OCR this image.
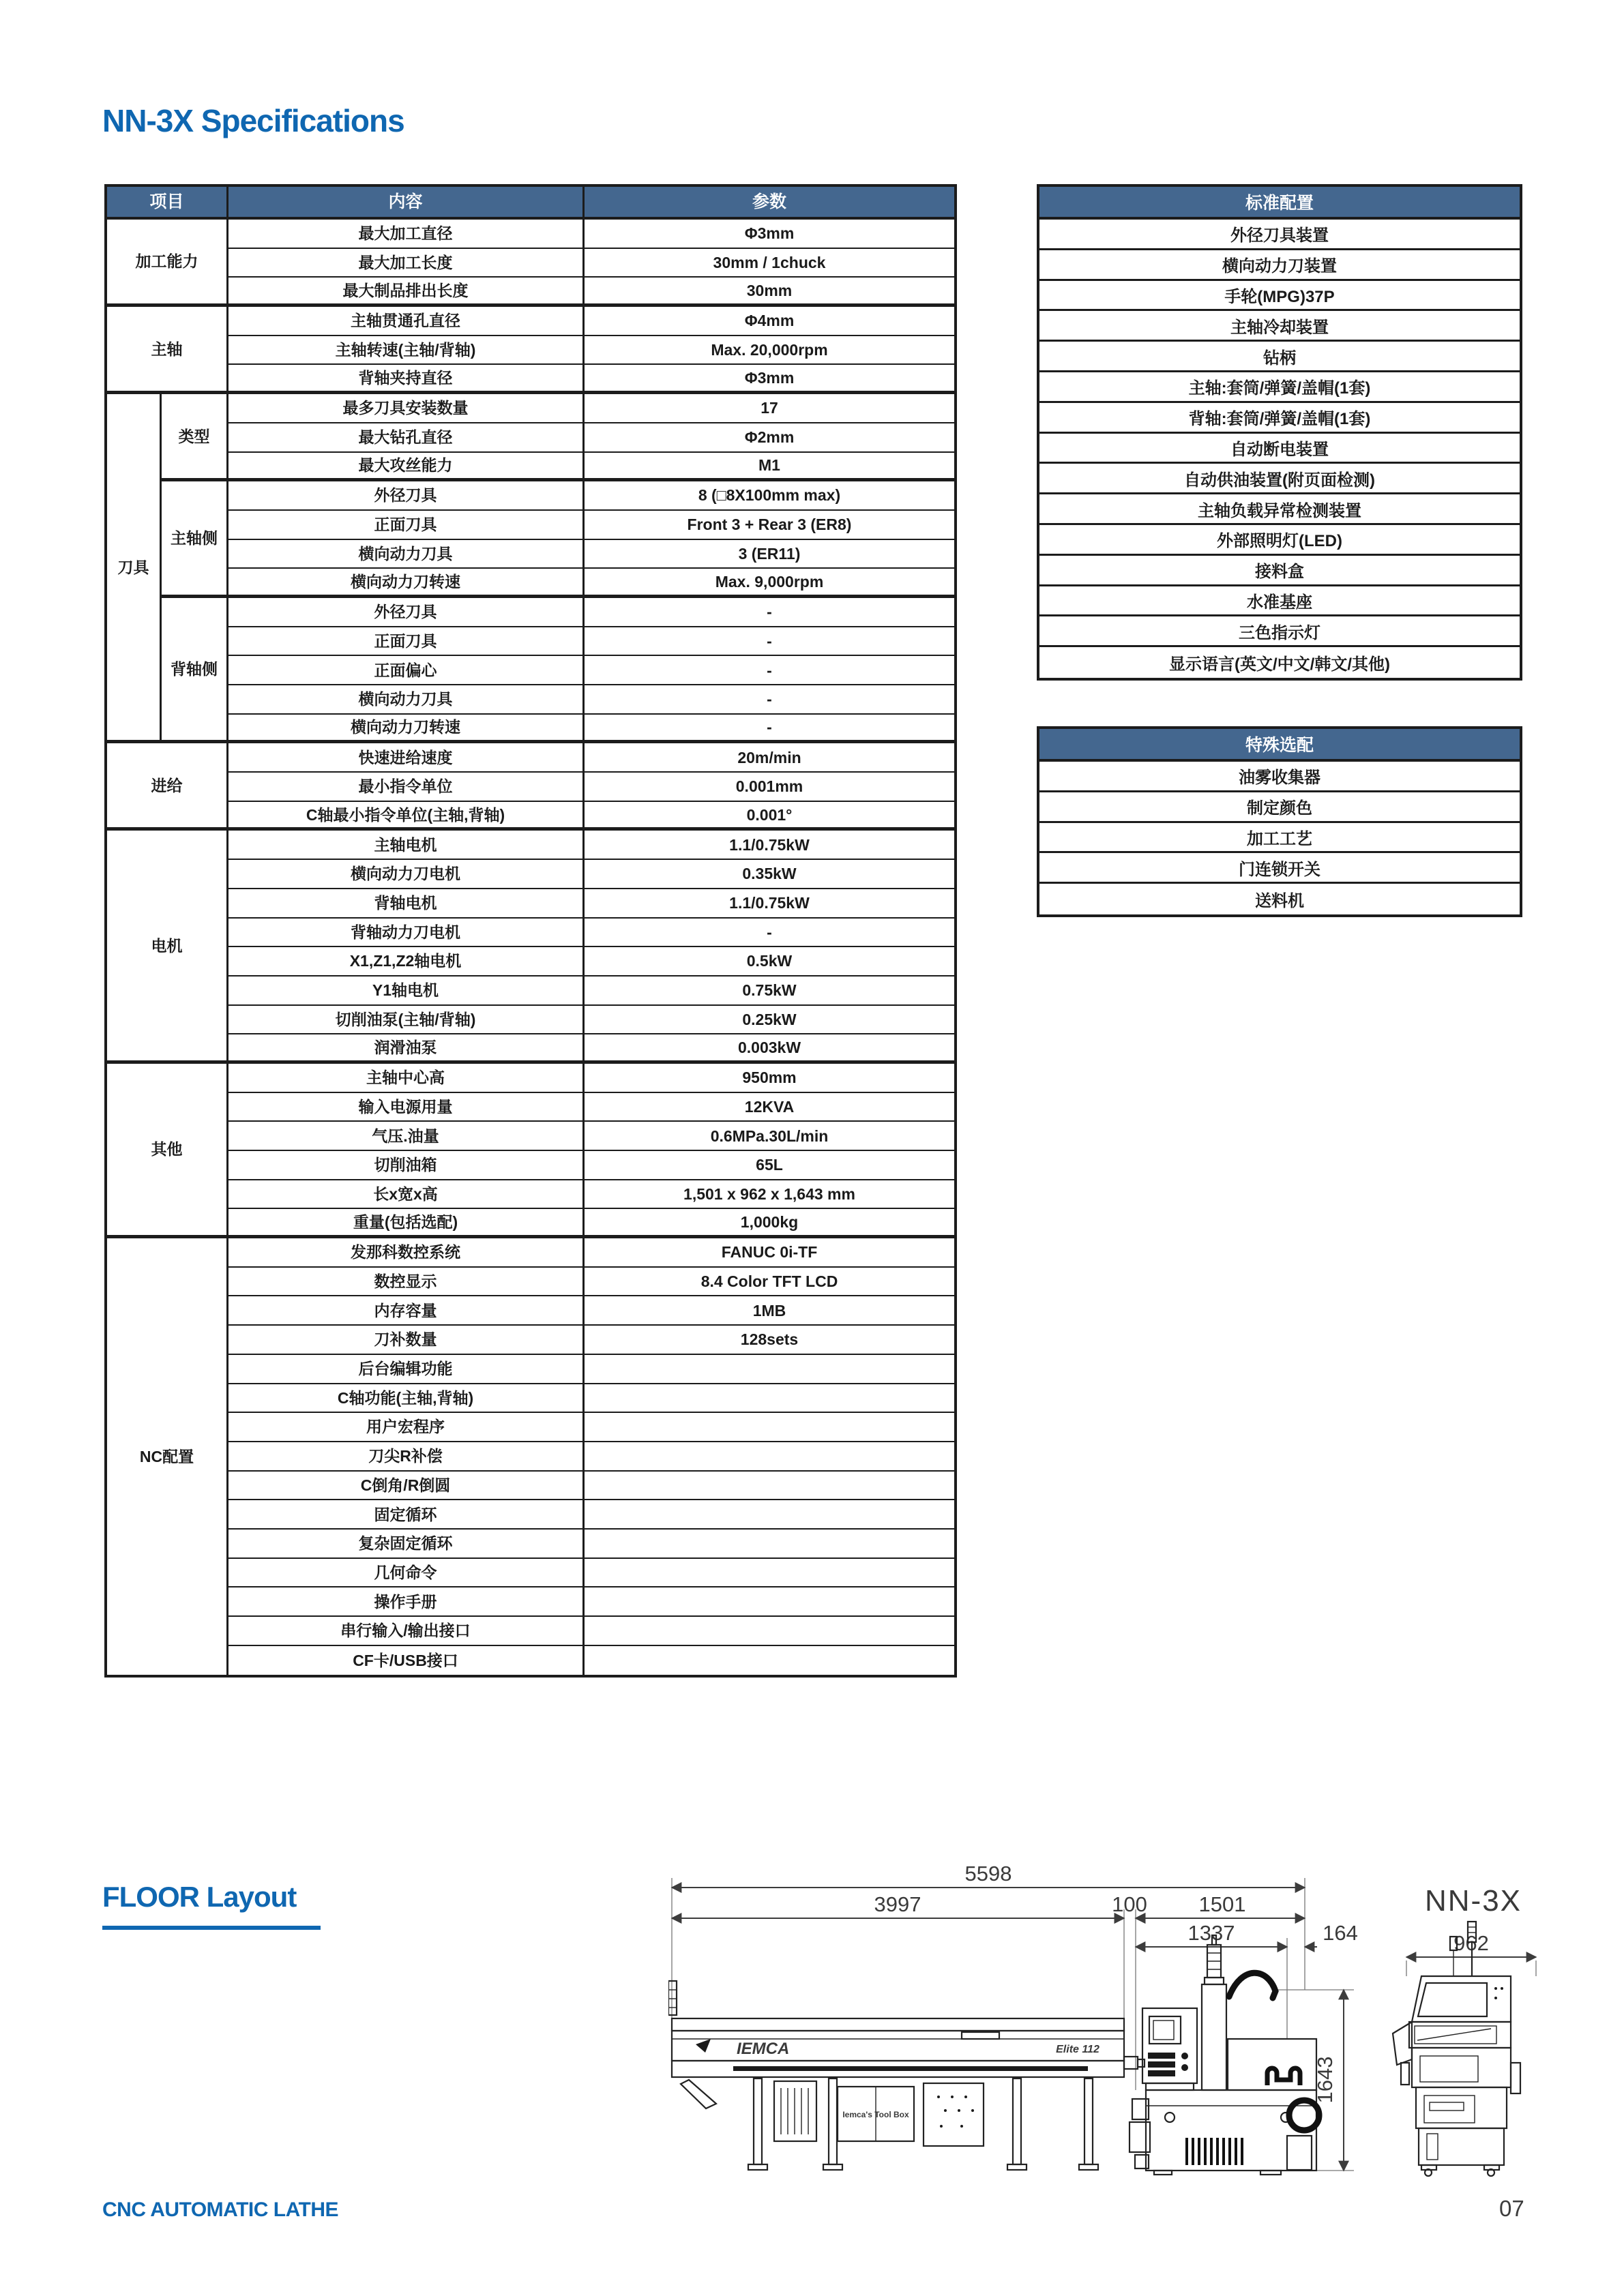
NN-3X Specifications
项目	内容	参数
加工能力
最大加工直径	Φ3mm
最大加工长度	30mm / 1chuck
最大制品排出长度	30mm
主轴
主轴贯通孔直径	Φ4mm
主轴转速(主轴/背轴)	Max. 20,000rpm
背轴夹持直径	Φ3mm
刀具
类型
最多刀具安装数量	17
最大钻孔直径	Φ2mm
最大攻丝能力	M1
主轴侧
外径刀具	8 (□8X100mm max)
正面刀具	Front 3 + Rear 3 (ER8)
横向动力刀具	3 (ER11)
横向动力刀转速	Max. 9,000rpm
背轴侧
外径刀具	-
正面刀具	-
正面偏心	-
横向动力刀具	-
横向动力刀转速	-
进给
快速进给速度	20m/min
最小指令单位	0.001mm
C轴最小指令单位(主轴,背轴)	0.001°
电机
主轴电机	1.1/0.75kW
横向动力刀电机	0.35kW
背轴电机	1.1/0.75kW
背轴动力刀电机	-
X1,Z1,Z2轴电机	0.5kW
Y1轴电机	0.75kW
切削油泵(主轴/背轴)	0.25kW
润滑油泵	0.003kW
其他
主轴中心高	950mm
输入电源用量	12KVA
气压.油量	0.6MPa.30L/min
切削油箱	65L
长x宽x高	1,501 x 962 x 1,643 mm
重量(包括选配)	1,000kg
NC配置
发那科数控系统	FANUC 0i-TF
数控显示	8.4 Color TFT LCD
内存容量	1MB
刀补数量	128sets
后台编辑功能
C轴功能(主轴,背轴)
用户宏程序
刀尖R补偿
C倒角/R倒圆
固定循环
复杂固定循环
几何命令
操作手册
串行输入/输出接口
CF卡/USB接口
标准配置
外径刀具装置
横向动力刀装置
手轮(MPG)37P
主轴冷却装置
钻柄
主轴:套筒/弹簧/盖帽(1套)
背轴:套筒/弹簧/盖帽(1套)
自动断电装置
自动供油装置(附页面检测)
主轴负载异常检测装置
外部照明灯(LED)
接料盒
水准基座
三色指示灯
显示语言(英文/中文/韩文/其他)
特殊选配
油雾收集器
制定颜色
加工工艺
门连锁开关
送料机
FLOOR Layout
5598
3997	100 1501
1337	164
1643
962
IEMCA	Elite 112
Iemca's Tool Box
NN-3X
CNC AUTOMATIC LATHE	07
